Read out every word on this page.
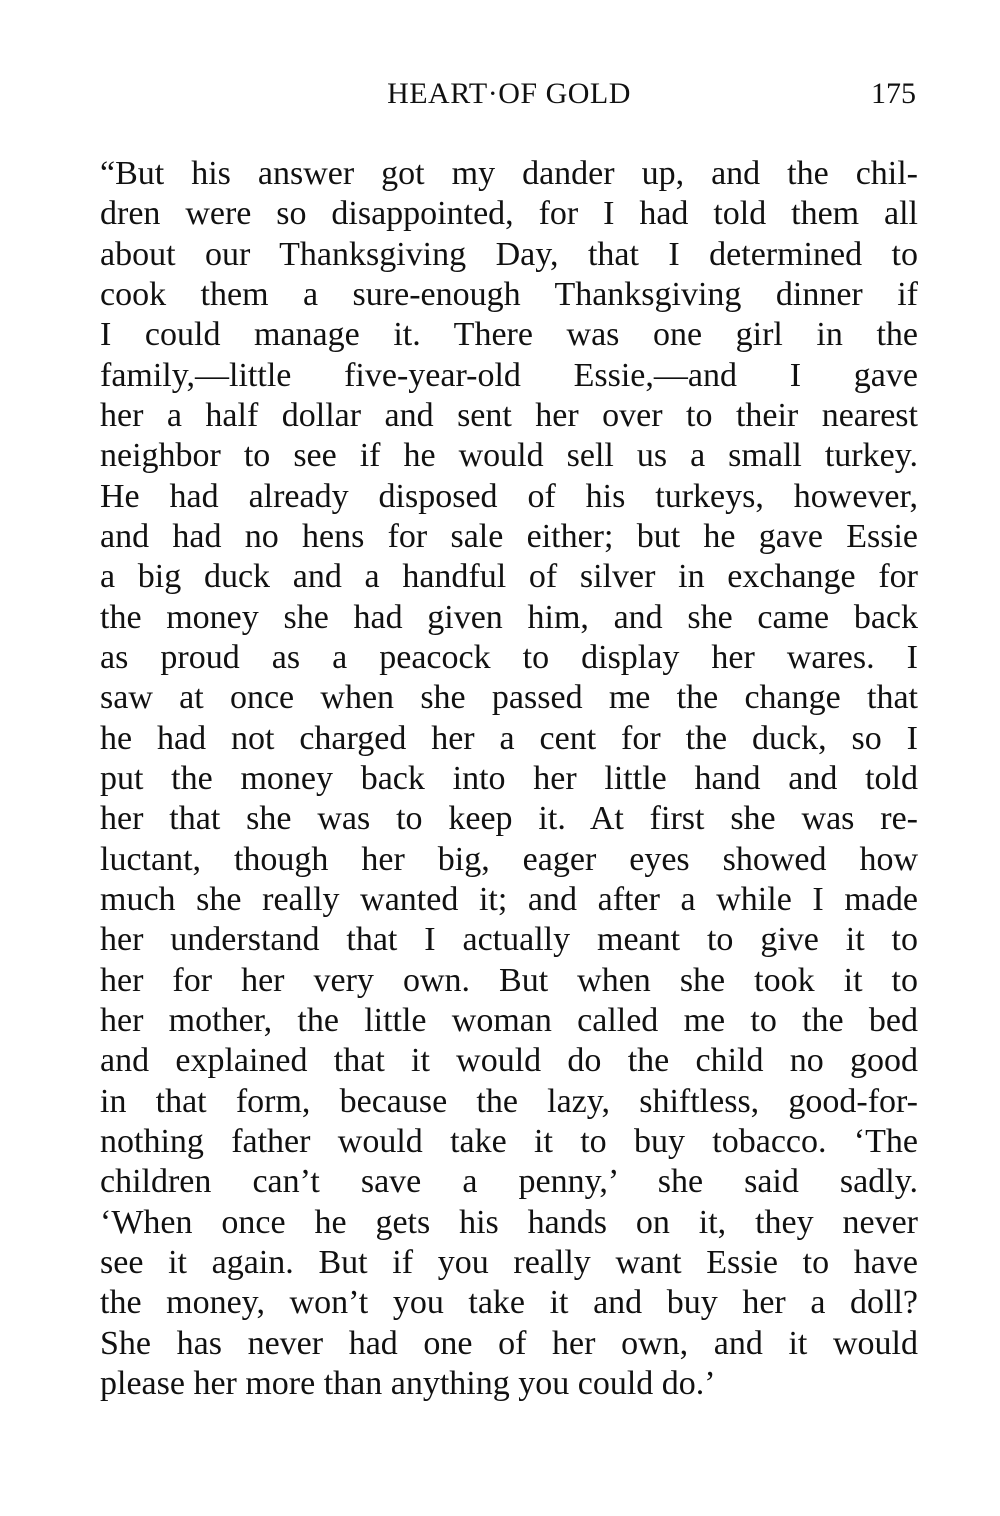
HEART·OF GOLD	175
“But his answer got my dander up, and the chil-
dren were so disappointed, for I had told them all
about our Thanksgiving Day, that I determined to
cook them a sure-enough Thanksgiving dinner if
I could manage it. There was one girl in the
family,—little five-year-old Essie,—and I gave
her a half dollar and sent her over to their nearest
neighbor to see if he would sell us a small turkey.
He had already disposed of his turkeys, however,
and had no hens for sale either; but he gave Essie
a big duck and a handful of silver in exchange for
the money she had given him, and she came back
as proud as a peacock to display her wares. I
saw at once when she passed me the change that
he had not charged her a cent for the duck, so I
put the money back into her little hand and told
her that she was to keep it. At first she was re-
luctant, though her big, eager eyes showed how
much she really wanted it; and after a while I made
her understand that I actually meant to give it to
her for her very own. But when she took it to
her mother, the little woman called me to the bed
and explained that it would do the child no good
in that form, because the lazy, shiftless, good-for-
nothing father would take it to buy tobacco. ‘The
children can’t save a penny,’ she said sadly.
‘When once he gets his hands on it, they never
see it again. But if you really want Essie to have
the money, won’t you take it and buy her a doll?
She has never had one of her own, and it would
please her more than anything you could do.’
